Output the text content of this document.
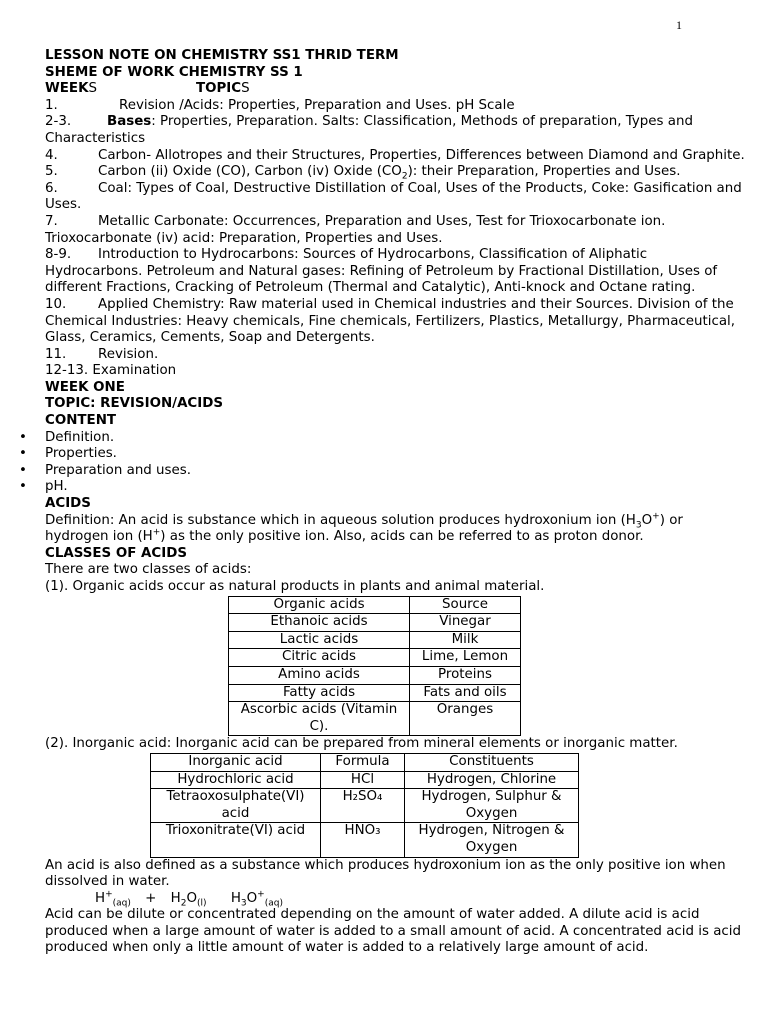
1
LESSON NOTE ON CHEMISTRY SS1 THRID TERM
SHEME OF WORK CHEMISTRY SS 1
WEEKS	TOPICS
1.	Revision /Acids: Properties, Preparation and Uses. pH Scale
2-3.	Bases: Properties, Preparation. Salts: Classification, Methods of preparation, Types and Characteristics
4.	Carbon- Allotropes and their Structures, Properties, Differences between Diamond and Graphite.
5.	Carbon (ii) Oxide (CO), Carbon (iv) Oxide $(CO_2)$: their Preparation, Properties and Uses.
6.	Coal: Types of Coal, Destructive Distillation of Coal, Uses of the Products, Coke: Gasification and Uses.
7.	Metallic Carbonate: Occurrences, Preparation and Uses, Test for Trioxocarbonate ion. Trioxocarbonate (iv) acid: Preparation, Properties and Uses.
8-9. Introduction to Hydrocarbons: Sources of Hydrocarbons, Classification of Aliphatic Hydrocarbons. Petroleum and Natural gases: Refining of Petroleum by Fractional Distillation, Uses of different Fractions, Cracking of Petroleum (Thermal and Catalytic), Anti-knock and Octane rating.
10. Applied Chemistry: Raw material used in Chemical industries and their Sources. Division of the Chemical Industries: Heavy chemicals, Fine chemicals, Fertilizers, Plastics, Metallurgy, Pharmaceutical, Glass, Ceramics, Cements, Soap and Detergents.
11. Revision.
12-13. Examination
WEEK ONE
TOPIC: REVISION/ACIDS
CONTENT
• Definition.
• Properties.
• Preparation and uses.
• pH.
ACIDS
Definition: An acid is substance which in aqueous solution produces hydroxonium ion $(H_3O^+)$ or hydrogen ion (H+) as the only positive ion. Also, acids can be referred to as proton donor.
CLASSES OF ACIDS
There are two classes of acids:
(1). Organic acids occur as natural products in plants and animal material.
Organic acids	Source
Ethanoic acids	Vinegar
Lactic acids	Milk
Citric acids	Lime, Lemon
Amino acids	Proteins
Fatty acids	Fats and oils
Ascorbic acids (Vitamin C).	Oranges
(2). Inorganic acid: Inorganic acid can be prepared from mineral elements or inorganic matter.
Inorganic acid	Formula	Constituents
Hydrochloric acid	HCl	Hydrogen, Chlorine
Tetraoxosulphate(VI) acid	H₂SO₄	Hydrogen, Sulphur & Oxygen
Trioxonitrate(VI) acid	HNO₃	Hydrogen, Nitrogen & Oxygen
An acid is also defined as a substance which produces hydroxonium ion as the only positive ion when dissolved in water.
$H^+_{(aq)} + H_2O_{(l)}$ $H_3O^+_{(aq)}$
Acid can be dilute or concentrated depending on the amount of water added. A dilute acid is acid produced when a large amount of water is added to a small amount of acid. A concentrated acid is acid produced when only a little amount of water is added to a relatively large amount of acid.
